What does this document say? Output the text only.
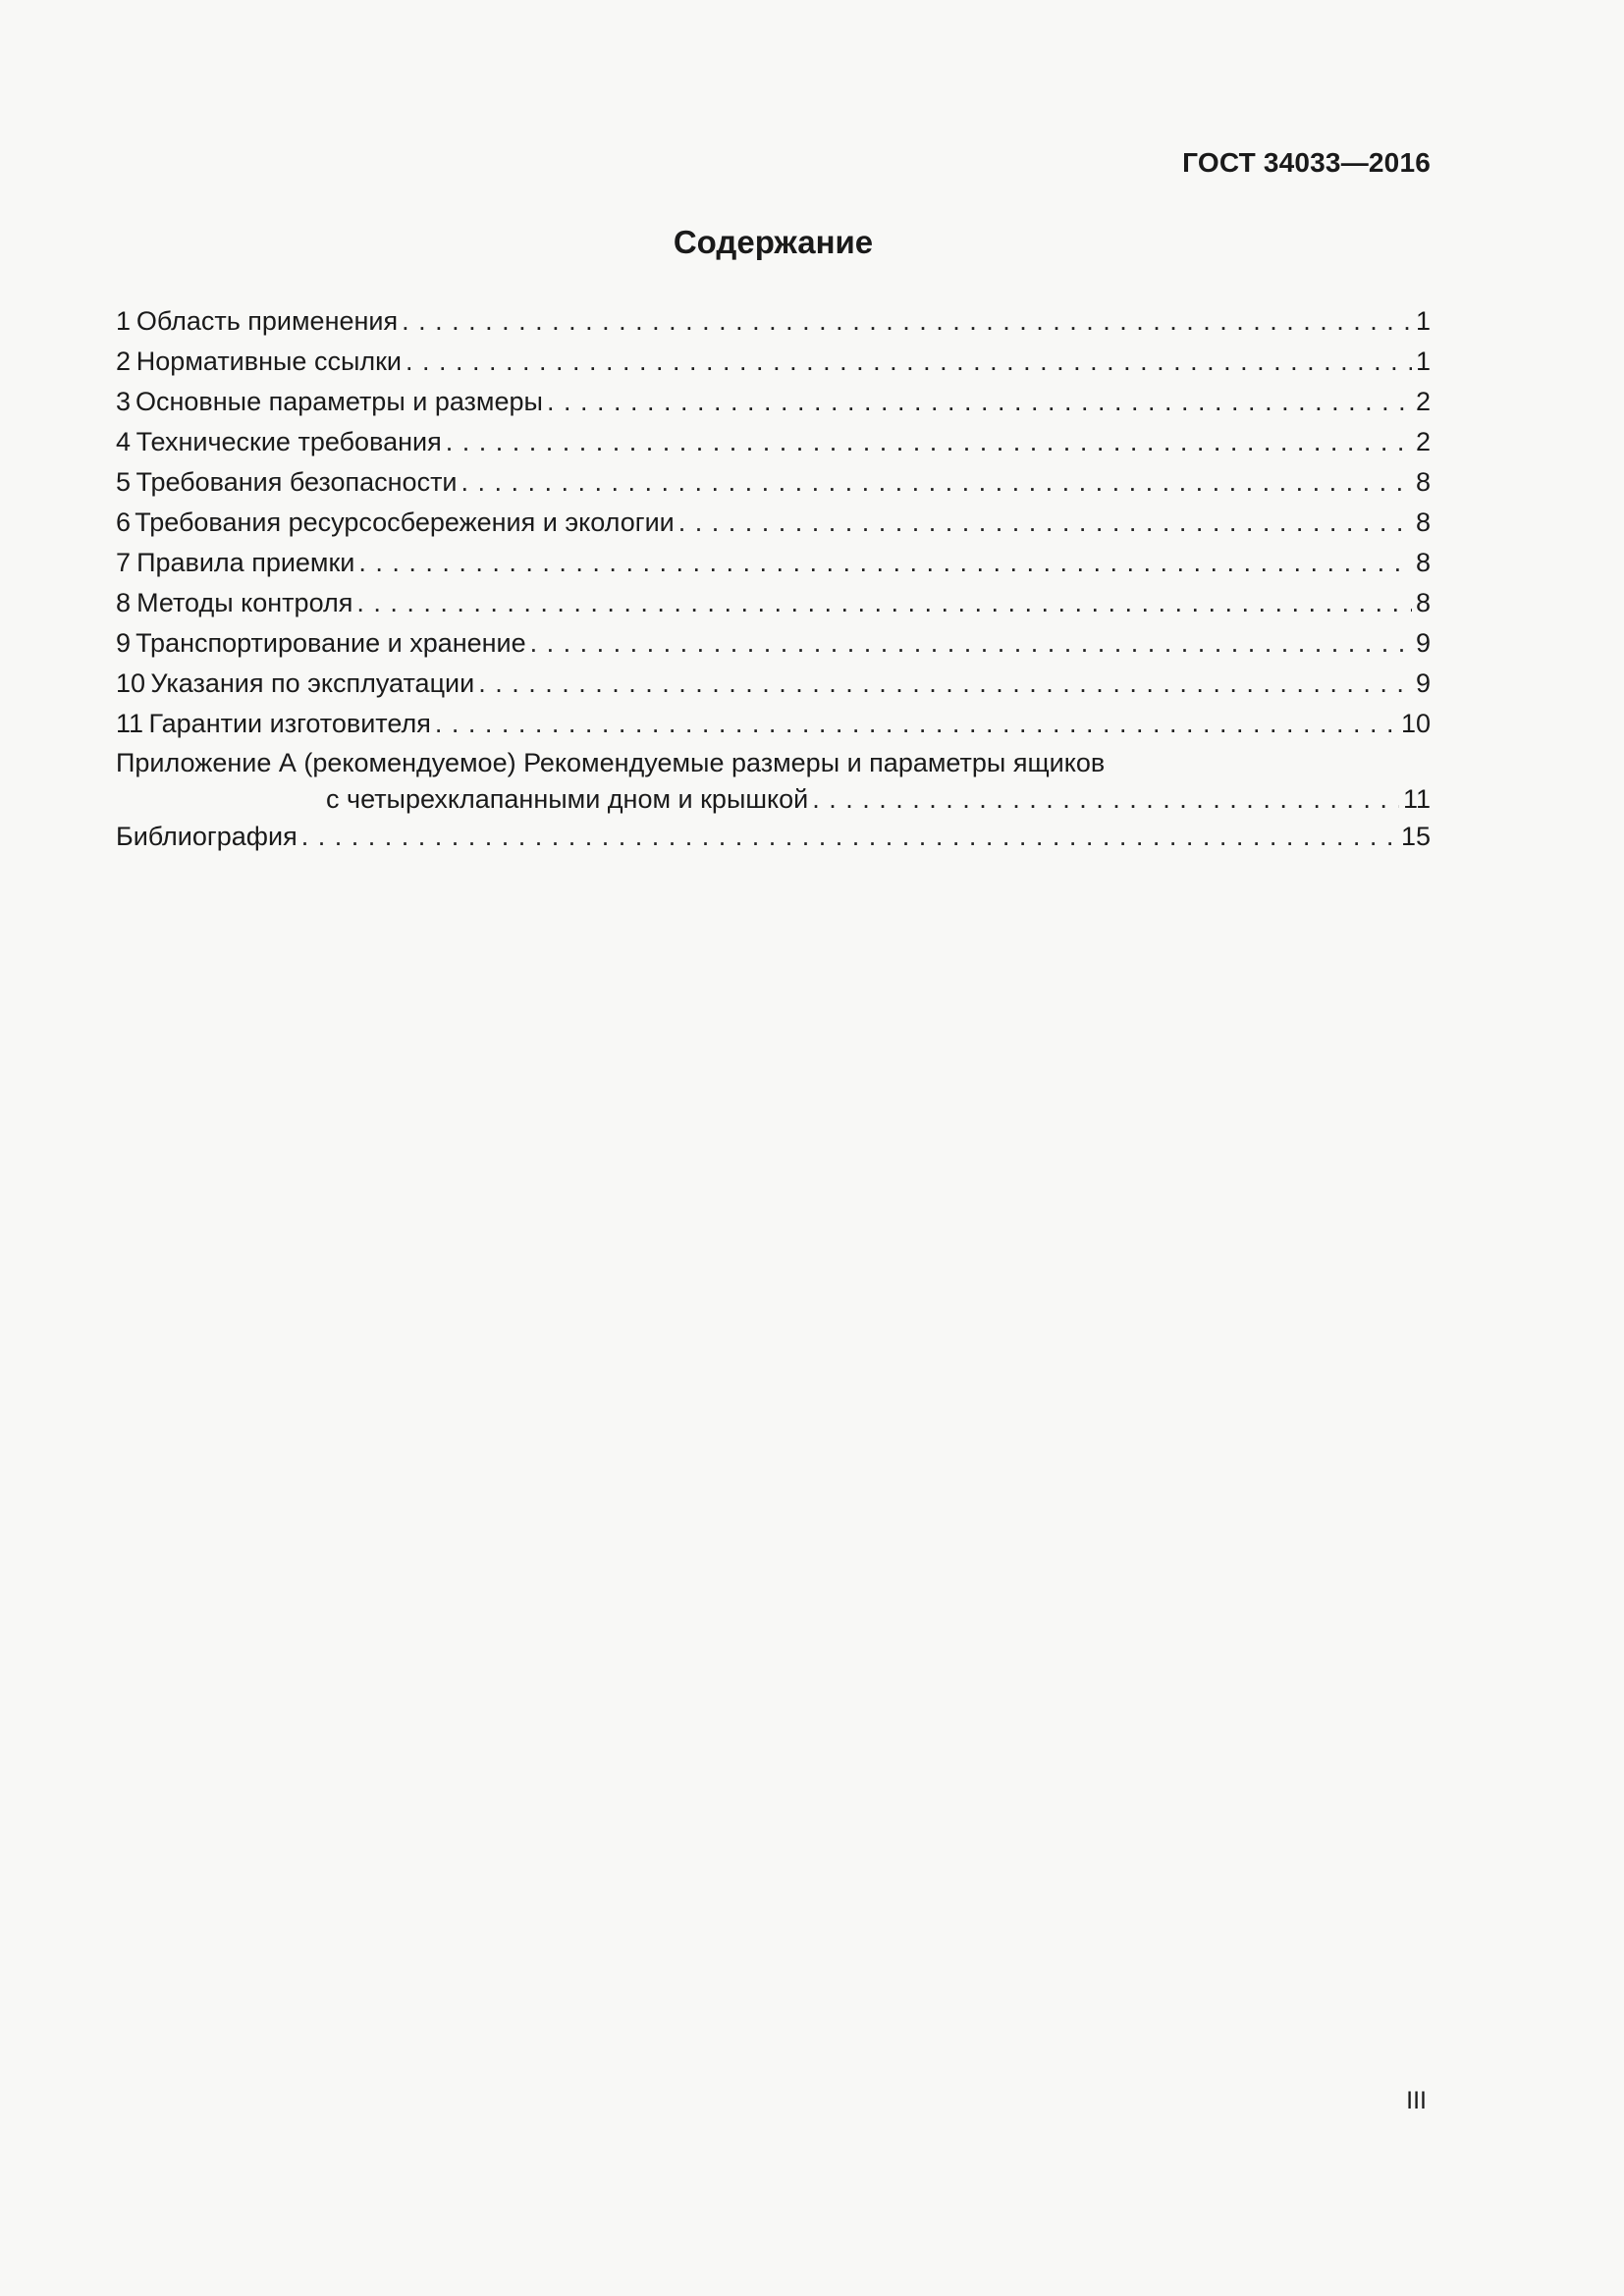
ГОСТ 34033—2016
Содержание
1 Область применения . . .	1
2 Нормативные ссылки . . .	1
3 Основные параметры и размеры . . .	2
4 Технические требования . . .	2
5 Требования безопасности . . .	8
6 Требования ресурсосбережения и экологии . . .	8
7 Правила приемки . . .	8
8 Методы контроля . . .	8
9 Транспортирование и хранение . . .	9
10 Указания по эксплуатации . . .	9
11 Гарантии изготовителя . . .	10
Приложение А (рекомендуемое) Рекомендуемые размеры и параметры ящиков
с четырехклапанными дном и крышкой . . .	11
Библиография . . .	15
III
